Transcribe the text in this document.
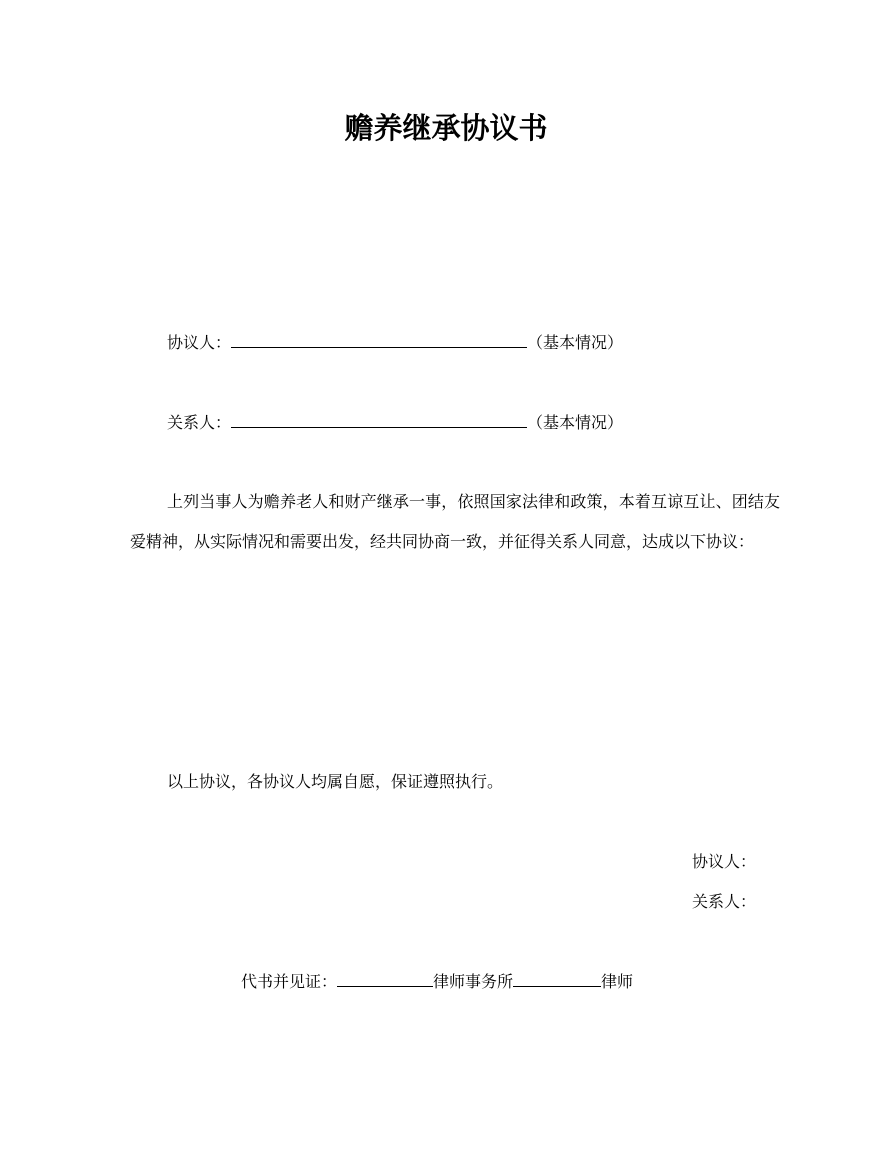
赡养继承协议书
协议人：	（基本情况）
关系人：	（基本情况）
上列当事人为赡养老人和财产继承一事，依照国家法律和政策，本着互谅互让、团结友爱精神，从实际情况和需要出发，经共同协商一致，并征得关系人同意，达成以下协议：
以上协议，各协议人均属自愿，保证遵照执行。
协议人：
关系人：
代书并见证：	律师事务所	律师
